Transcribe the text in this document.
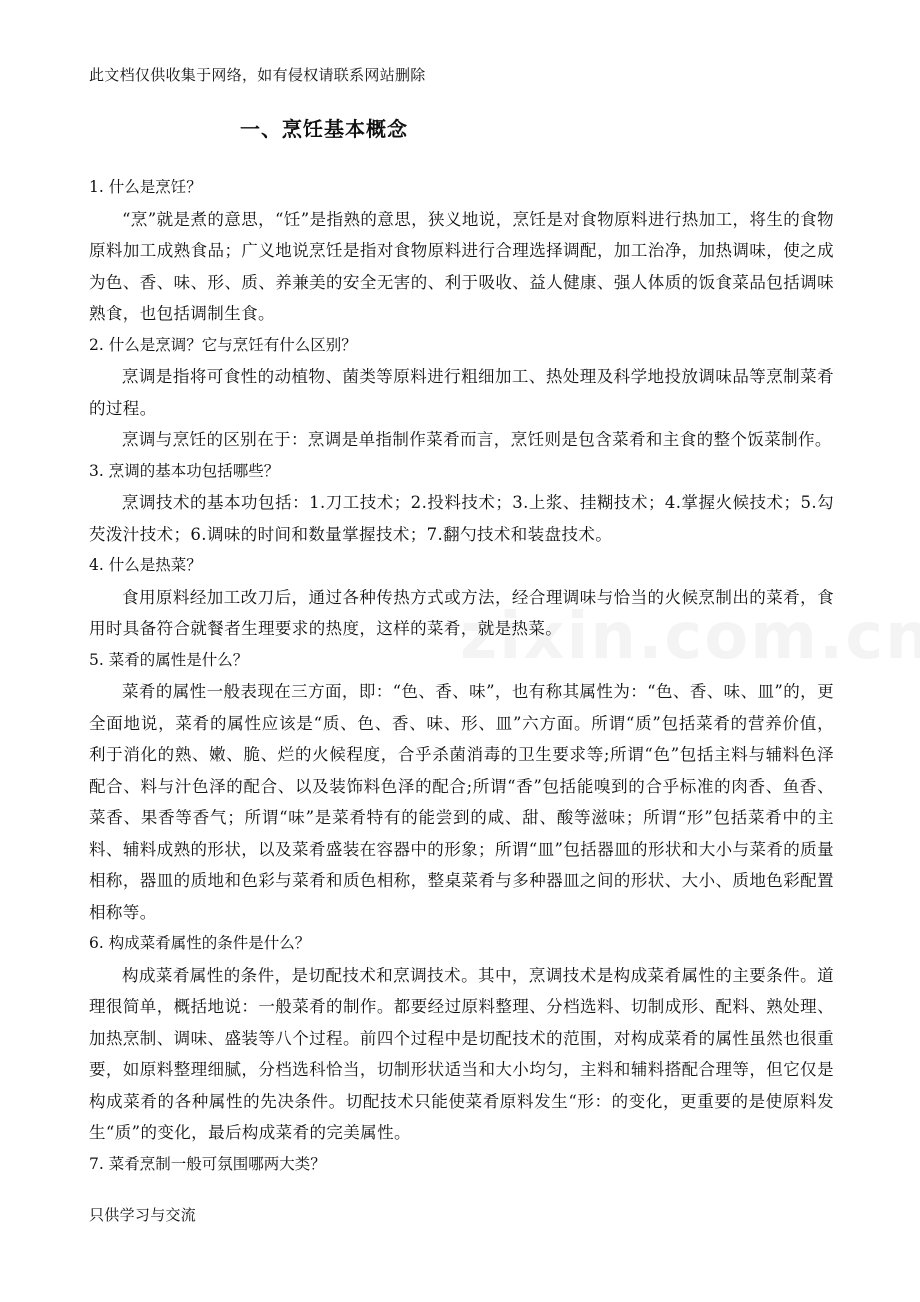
此文档仅供收集于网络，如有侵权请联系网站删除
一、烹饪基本概念

1. 什么是烹饪？

“烹”就是煮的意思，“饪”是指熟的意思，狭义地说，烹饪是对食物原料进行热加工，将生的食物原料加工成熟食品；广义地说烹饪是指对食物原料进行合理选择调配，加工治净，加热调味，使之成为色、香、味、形、质、养兼美的安全无害的、利于吸收、益人健康、强人体质的饭食菜品包括调味熟食，也包括调制生食。

2. 什么是烹调？它与烹饪有什么区别？

烹调是指将可食性的动植物、菌类等原料进行粗细加工、热处理及科学地投放调味品等烹制菜肴的过程。

烹调与烹饪的区别在于：烹调是单指制作菜肴而言，烹饪则是包含菜肴和主食的整个饭菜制作。

3. 烹调的基本功包括哪些？

烹调技术的基本功包括：1.刀工技术；2.投料技术；3.上浆、挂糊技术；4.掌握火候技术；5.勾芡泼汁技术；6.调味的时间和数量掌握技术；7.翻勺技术和装盘技术。

4. 什么是热菜？

食用原料经加工改刀后，通过各种传热方式或方法，经合理调味与恰当的火候烹制出的菜肴，食用时具备符合就餐者生理要求的热度，这样的菜肴，就是热菜。

5. 菜肴的属性是什么？

菜肴的属性一般表现在三方面，即：“色、香、味”，也有称其属性为：“色、香、味、皿”的，更全面地说，菜肴的属性应该是“质、色、香、味、形、皿”六方面。所谓“质”包括菜肴的营养价值，利于消化的熟、嫩、脆、烂的火候程度，合乎杀菌消毒的卫生要求等;所谓“色”包括主料与辅料色泽配合、料与汁色泽的配合、以及装饰料色泽的配合;所谓“香”包括能嗅到的合乎标准的肉香、鱼香、菜香、果香等香气；所谓“味”是菜肴特有的能尝到的咸、甜、酸等滋味；所谓“形”包括菜肴中的主料、辅料成熟的形状，以及菜肴盛装在容器中的形象；所谓“皿”包括器皿的形状和大小与菜肴的质量相称，器皿的质地和色彩与菜肴和质色相称，整桌菜肴与多种器皿之间的形状、大小、质地色彩配置相称等。

6. 构成菜肴属性的条件是什么？

构成菜肴属性的条件，是切配技术和烹调技术。其中，烹调技术是构成菜肴属性的主要条件。道理很简单，概括地说：一般菜肴的制作。都要经过原料整理、分档选料、切制成形、配料、熟处理、加热烹制、调味、盛装等八个过程。前四个过程中是切配技术的范围，对构成菜肴的属性虽然也很重要，如原料整理细腻，分档选科恰当，切制形状适当和大小均匀，主料和辅料搭配合理等，但它仅是构成菜肴的各种属性的先决条件。切配技术只能使菜肴原料发生“形：的变化，更重要的是使原料发生“质”的变化，最后构成菜肴的完美属性。

7. 菜肴烹制一般可氛围哪两大类？

只供学习与交流
